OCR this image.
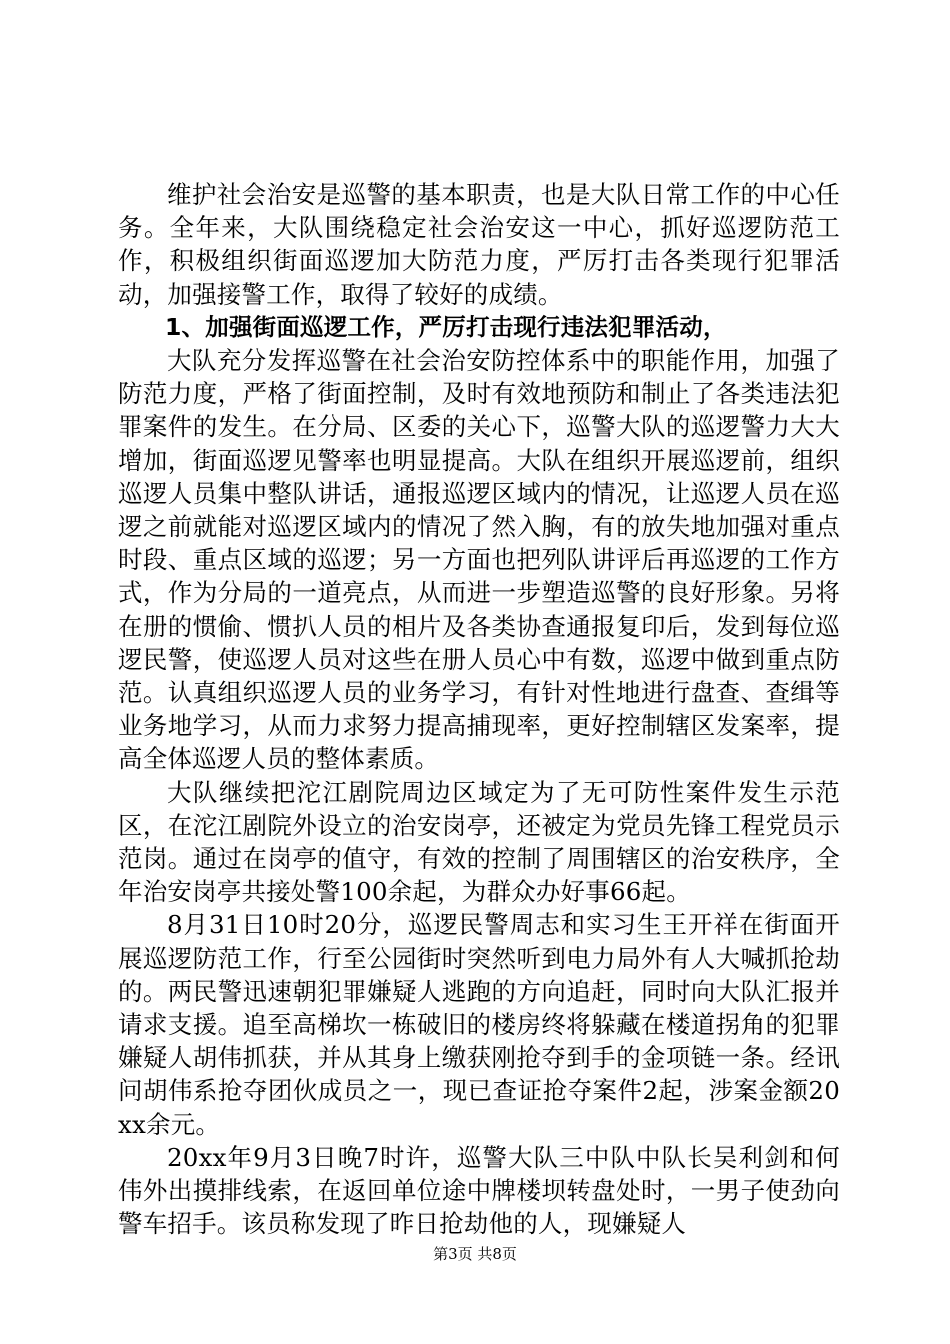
维护社会治安是巡警的基本职责，也是大队日常工作的中心任务。全年来，大队围绕稳定社会治安这一中心，抓好巡逻防范工作，积极组织街面巡逻加大防范力度，严厉打击各类现行犯罪活动，加强接警工作，取得了较好的成绩。

1、加强街面巡逻工作，严厉打击现行违法犯罪活动，

大队充分发挥巡警在社会治安防控体系中的职能作用，加强了防范力度，严格了街面控制，及时有效地预防和制止了各类违法犯罪案件的发生。在分局、区委的关心下，巡警大队的巡逻警力大大增加，街面巡逻见警率也明显提高。大队在组织开展巡逻前，组织巡逻人员集中整队讲话，通报巡逻区域内的情况，让巡逻人员在巡逻之前就能对巡逻区域内的情况了然入胸，有的放失地加强对重点时段、重点区域的巡逻；另一方面也把列队讲评后再巡逻的工作方式，作为分局的一道亮点，从而进一步塑造巡警的良好形象。另将在册的惯偷、惯扒人员的相片及各类协查通报复印后，发到每位巡逻民警，使巡逻人员对这些在册人员心中有数，巡逻中做到重点防范。认真组织巡逻人员的业务学习，有针对性地进行盘查、查缉等业务地学习，从而力求努力提高捕现率，更好控制辖区发案率，提高全体巡逻人员的整体素质。

大队继续把沱江剧院周边区域定为了无可防性案件发生示范区，在沱江剧院外设立的治安岗亭，还被定为党员先锋工程党员示范岗。通过在岗亭的值守，有效的控制了周围辖区的治安秩序，全年治安岗亭共接处警100余起，为群众办好事66起。

8月31日10时20分，巡逻民警周志和实习生王开祥在街面开展巡逻防范工作，行至公园街时突然听到电力局外有人大喊抓抢劫的。两民警迅速朝犯罪嫌疑人逃跑的方向追赶，同时向大队汇报并请求支援。追至高梯坎一栋破旧的楼房终将躲藏在楼道拐角的犯罪嫌疑人胡伟抓获，并从其身上缴获刚抢夺到手的金项链一条。经讯问胡伟系抢夺团伙成员之一，现已查证抢夺案件2起，涉案金额20xx余元。

20xx年9月3日晚7时许，巡警大队三中队中队长吴利剑和何伟外出摸排线索，在返回单位途中牌楼坝转盘处时，一男子使劲向警车招手。该员称发现了昨日抢劫他的人，现嫌疑人

第3页 共8页
